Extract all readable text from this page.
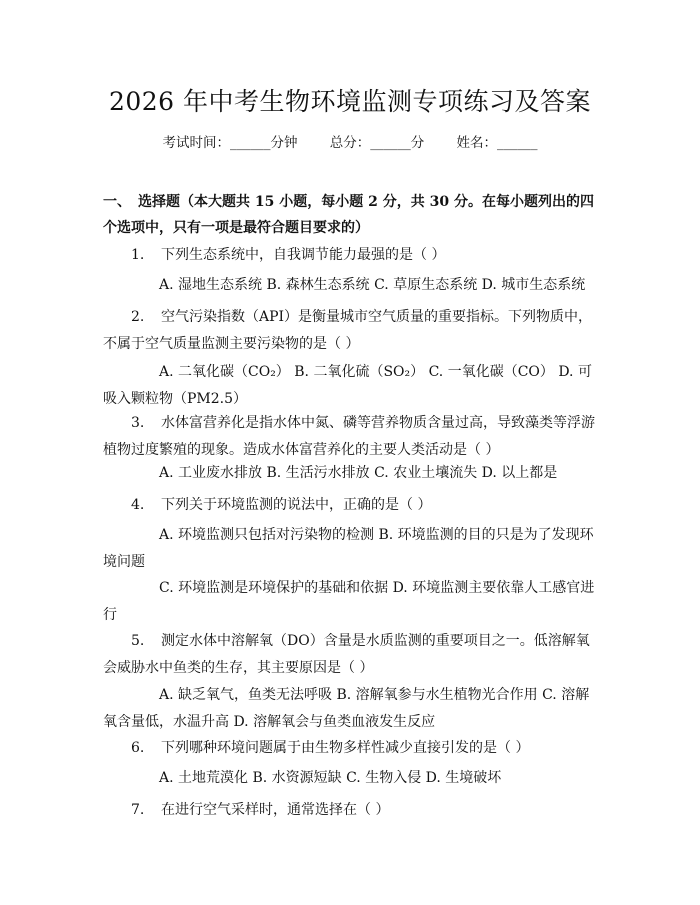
2026 年中考生物环境监测专项练习及答案
考试时间：______分钟 总分：______分 姓名：______
一、　选择题（本大题共 15 小题，每小题 2 分，共 30 分。在每小题列出的四个选项中，只有一项是最符合题目要求的）
1. 下列生态系统中，自我调节能力最强的是（ ）
A. 湿地生态系统 B. 森林生态系统 C. 草原生态系统 D. 城市生态系统
2. 空气污染指数（API）是衡量城市空气质量的重要指标。下列物质中，不属于空气质量监测主要污染物的是（ ）
A. 二氧化碳（CO₂） B. 二氧化硫（SO₂） C. 一氧化碳（CO） D. 可吸入颗粒物（PM2.5）
3. 水体富营养化是指水体中氮、磷等营养物质含量过高，导致藻类等浮游植物过度繁殖的现象。造成水体富营养化的主要人类活动是（ ）
A. 工业废水排放 B. 生活污水排放 C. 农业土壤流失 D. 以上都是
4. 下列关于环境监测的说法中，正确的是（ ）
A. 环境监测只包括对污染物的检测 B. 环境监测的目的只是为了发现环境问题
C. 环境监测是环境保护的基础和依据 D. 环境监测主要依靠人工感官进行
5. 测定水体中溶解氧（DO）含量是水质监测的重要项目之一。低溶解氧会威胁水中鱼类的生存，其主要原因是（ ）
A. 缺乏氧气，鱼类无法呼吸 B. 溶解氧参与水生植物光合作用 C. 溶解氧含量低，水温升高 D. 溶解氧会与鱼类血液发生反应
6. 下列哪种环境问题属于由生物多样性减少直接引发的是（ ）
A. 土地荒漠化 B. 水资源短缺 C. 生物入侵 D. 生境破坏
7. 在进行空气采样时，通常选择在（ ）
